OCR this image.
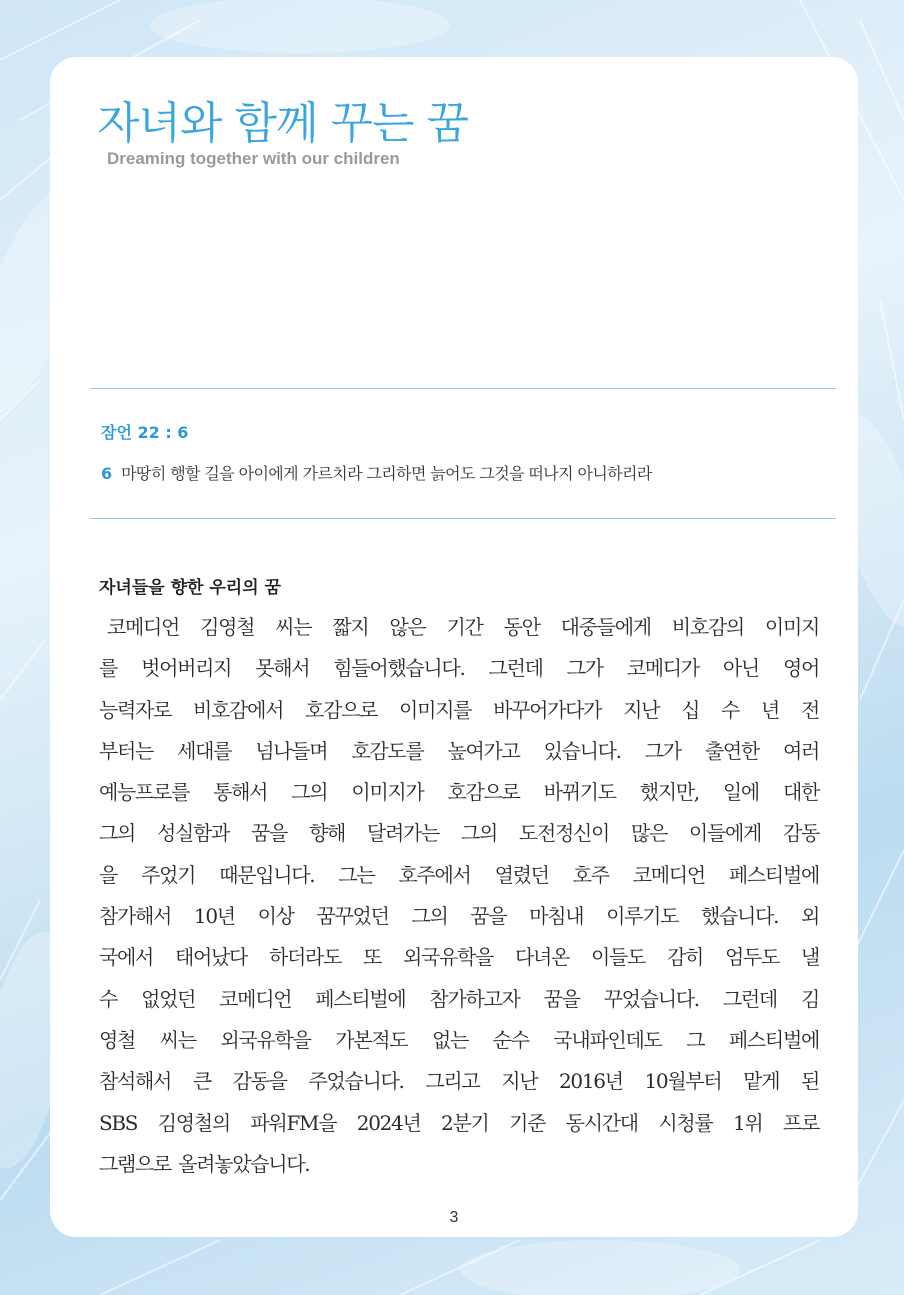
자녀와 함께 꾸는 꿈
Dreaming together with our children
잠언 22 : 6
6 마땅히 행할 길을 아이에게 가르치라 그리하면 늙어도 그것을 떠나지 아니하리라
자녀들을 향한 우리의 꿈
코메디언 김영철 씨는 짧지 않은 기간 동안 대중들에게 비호감의 이미지
를 벗어버리지 못해서 힘들어했습니다. 그런데 그가 코메디가 아닌 영어
능력자로 비호감에서 호감으로 이미지를 바꾸어가다가 지난 십 수 년 전
부터는 세대를 넘나들며 호감도를 높여가고 있습니다. 그가 출연한 여러
예능프로를 통해서 그의 이미지가 호감으로 바뀌기도 했지만, 일에 대한
그의 성실함과 꿈을 향해 달려가는 그의 도전정신이 많은 이들에게 감동
을 주었기 때문입니다. 그는 호주에서 열렸던 호주 코메디언 페스티벌에
참가해서 10년 이상 꿈꾸었던 그의 꿈을 마침내 이루기도 했습니다. 외
국에서 태어났다 하더라도 또 외국유학을 다녀온 이들도 감히 엄두도 낼
수 없었던 코메디언 페스티벌에 참가하고자 꿈을 꾸었습니다. 그런데 김
영철 씨는 외국유학을 가본적도 없는 순수 국내파인데도 그 페스티벌에
참석해서 큰 감동을 주었습니다. 그리고 지난 2016년 10월부터 맡게 된
SBS 김영철의 파워FM을 2024년 2분기 기준 동시간대 시청률 1위 프로
그램으로 올려놓았습니다.
3
